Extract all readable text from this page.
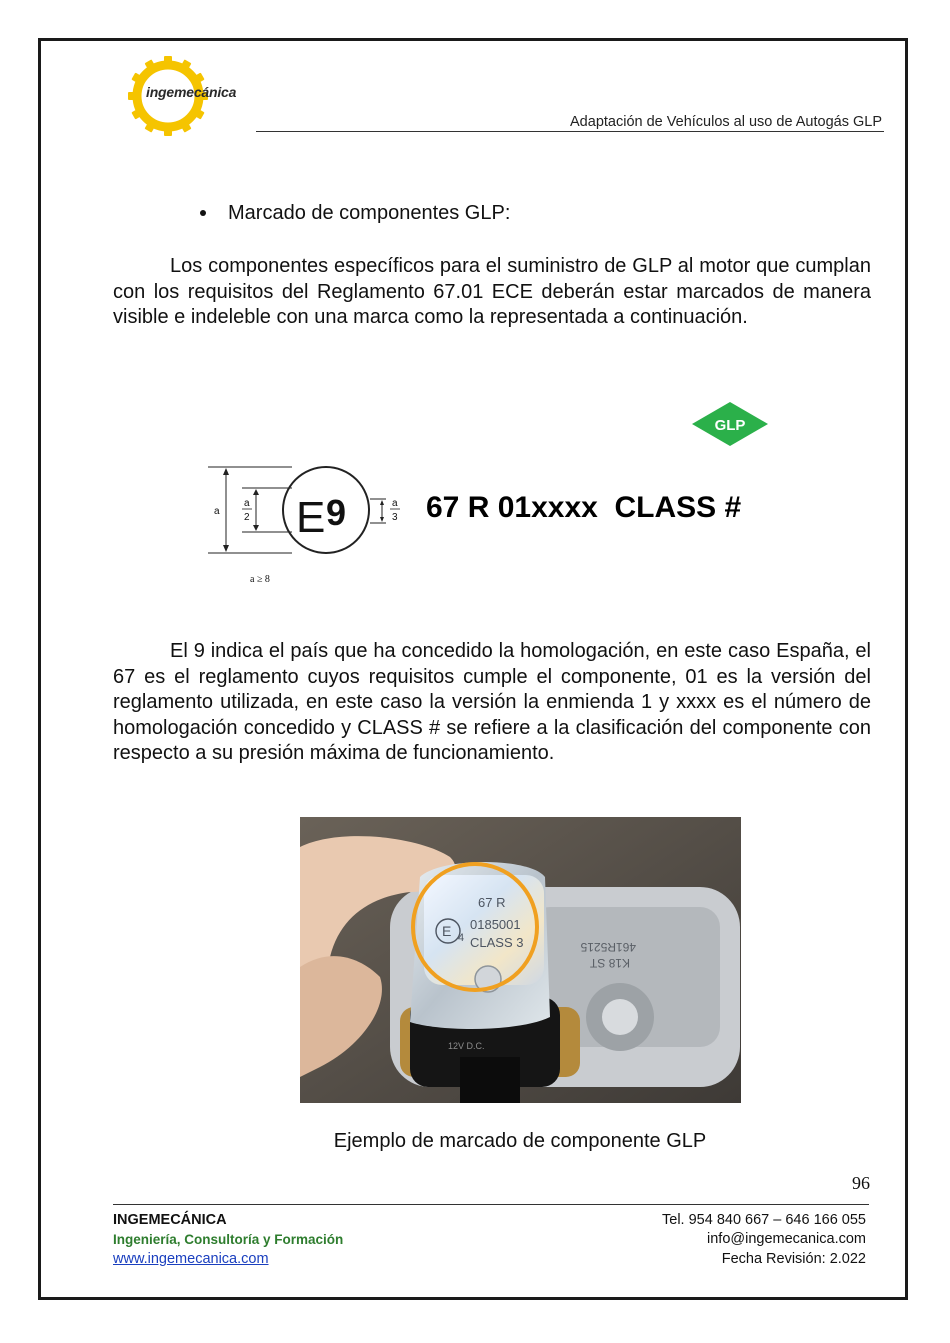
ingemecánica
Adaptación de Vehículos al uso de Autogás GLP
Marcado de componentes GLP:

Los componentes específicos para el suministro de GLP al motor que cumplan con los requisitos del Reglamento 67.01 ECE deberán estar marcados de manera visible e indeleble con una marca como la representada a continuación.

GLP
a
a
2
a
3
E 9
a ≥ 8
67 R 01xxxx  CLASS #

El 9 indica el país que ha concedido la homologación, en este caso España, el 67 es el reglamento cuyos requisitos cumple el componente, 01 es la versión del reglamento utilizada, en este caso la versión la enmienda 1 y xxxx es el número de homologación concedido y CLASS # se refiere a la clasificación del componente con respecto a su presión máxima de funcionamiento.

67 R
E 4
0185001
CLASS 3	461R5215
K18 ST
12V D.C.
Ejemplo de marcado de componente GLP
96
INGEMECÁNICA
Ingeniería, Consultoría y Formación
www.ingemecanica.com
Tel. 954 840 667 – 646 166 055
info@ingemecanica.com
Fecha Revisión: 2.022
